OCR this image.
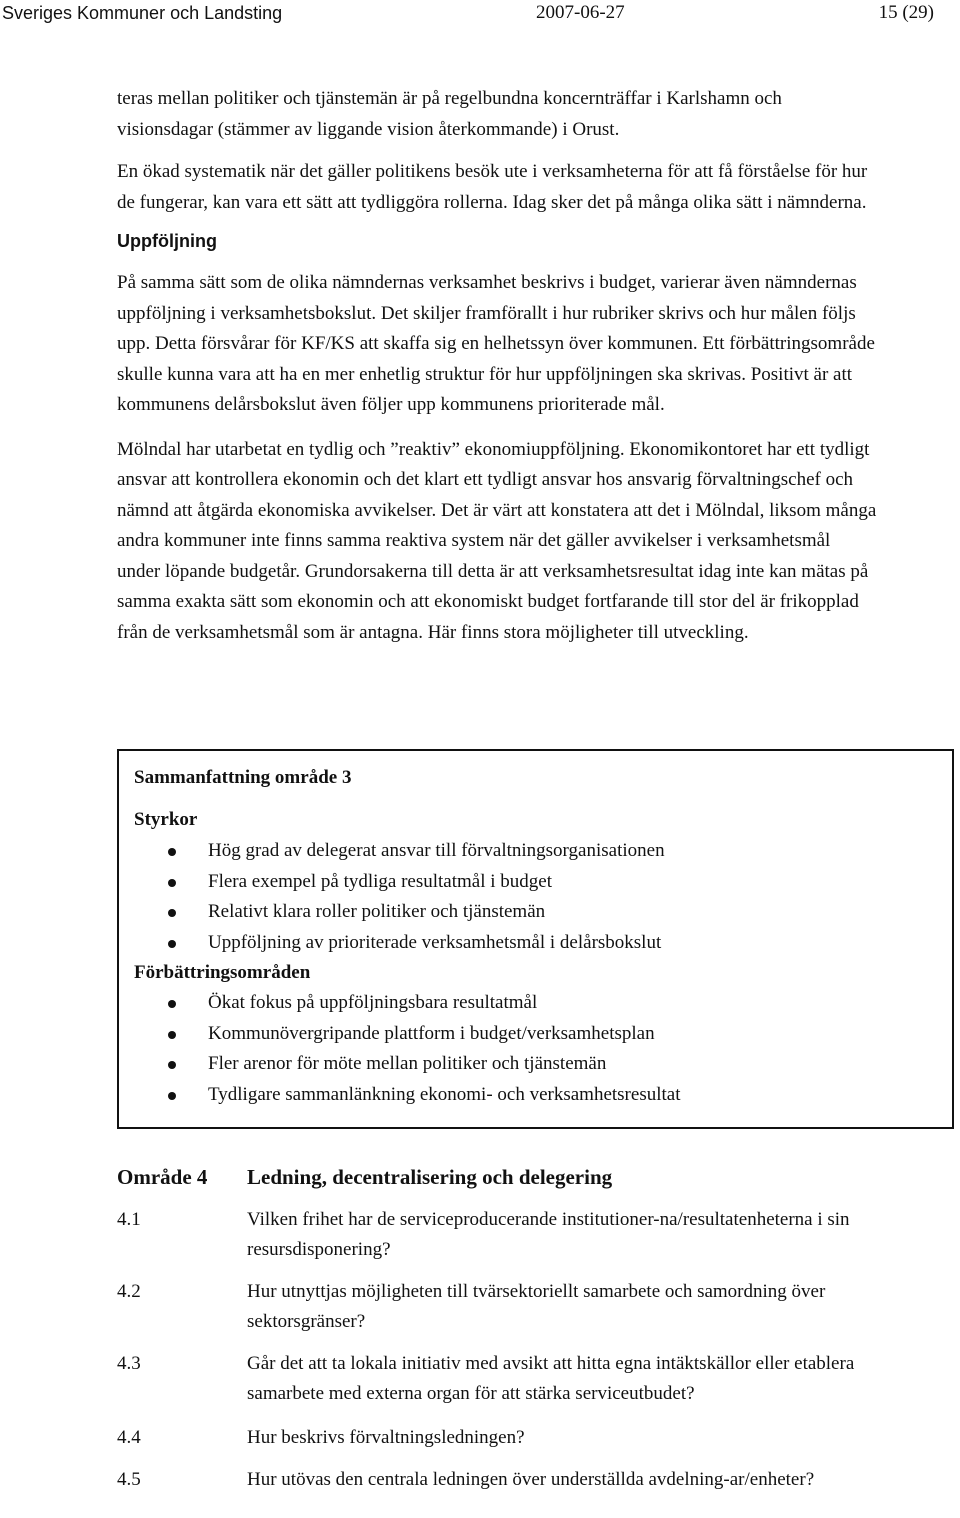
Sveriges Kommuner och Landsting	2007-06-27	15 (29)

teras mellan politiker och tjänstemän är på regelbundna koncernträffar i Karlshamn och visionsdagar (stämmer av liggande vision återkommande) i Orust.

En ökad systematik när det gäller politikens besök ute i verksamheterna för att få förståelse för hur de fungerar, kan vara ett sätt att tydliggöra rollerna. Idag sker det på många olika sätt i nämnderna.

Uppföljning

På samma sätt som de olika nämndernas verksamhet beskrivs i budget, varierar även nämndernas uppföljning i verksamhetsbokslut. Det skiljer framförallt i hur rubriker skrivs och hur målen följs upp. Detta försvårar för KF/KS att skaffa sig en helhetssyn över kommunen. Ett förbättringsområde skulle kunna vara att ha en mer enhetlig struktur för hur uppföljningen ska skrivas. Positivt är att kommunens delårsbokslut även följer upp kommunens prioriterade mål.

Mölndal har utarbetat en tydlig och ”reaktiv” ekonomiuppföljning. Ekonomikontoret har ett tydligt ansvar att kontrollera ekonomin och det klart ett tydligt ansvar hos ansvarig förvaltningschef och nämnd att åtgärda ekonomiska avvikelser. Det är värt att konstatera att det i Mölndal, liksom många andra kommuner inte finns samma reaktiva system när det gäller avvikelser i verksamhetsmål under löpande budgetår. Grundorsakerna till detta är att verksamhetsresultat idag inte kan mätas på samma exakta sätt som ekonomin och att ekonomiskt budget fortfarande till stor del är frikopplad från de verksamhetsmål som är antagna. Här finns stora möjligheter till utveckling.

Sammanfattning område 3
Styrkor
Hög grad av delegerat ansvar till förvaltningsorganisationen
Flera exempel på tydliga resultatmål i budget
Relativt klara roller politiker och tjänstemän
Uppföljning av prioriterade verksamhetsmål i delårsbokslut
Förbättringsområden
Ökat fokus på uppföljningsbara resultatmål
Kommunövergripande plattform i budget/verksamhetsplan
Fler arenor för möte mellan politiker och tjänstemän
Tydligare sammanlänkning ekonomi- och verksamhetsresultat
Område 4 Ledning, decentralisering och delegering
4.1	Vilken frihet har de serviceproducerande institutioner-na/resultatenheterna i sin resursdisponering?
4.2	Hur utnyttjas möjligheten till tvärsektoriellt samarbete och samordning över sektorsgränser?
4.3	Går det att ta lokala initiativ med avsikt att hitta egna intäktskällor eller etablera samarbete med externa organ för att stärka serviceutbudet?
4.4	Hur beskrivs förvaltningsledningen?
4.5	Hur utövas den centrala ledningen över underställda avdelning-ar/enheter?
